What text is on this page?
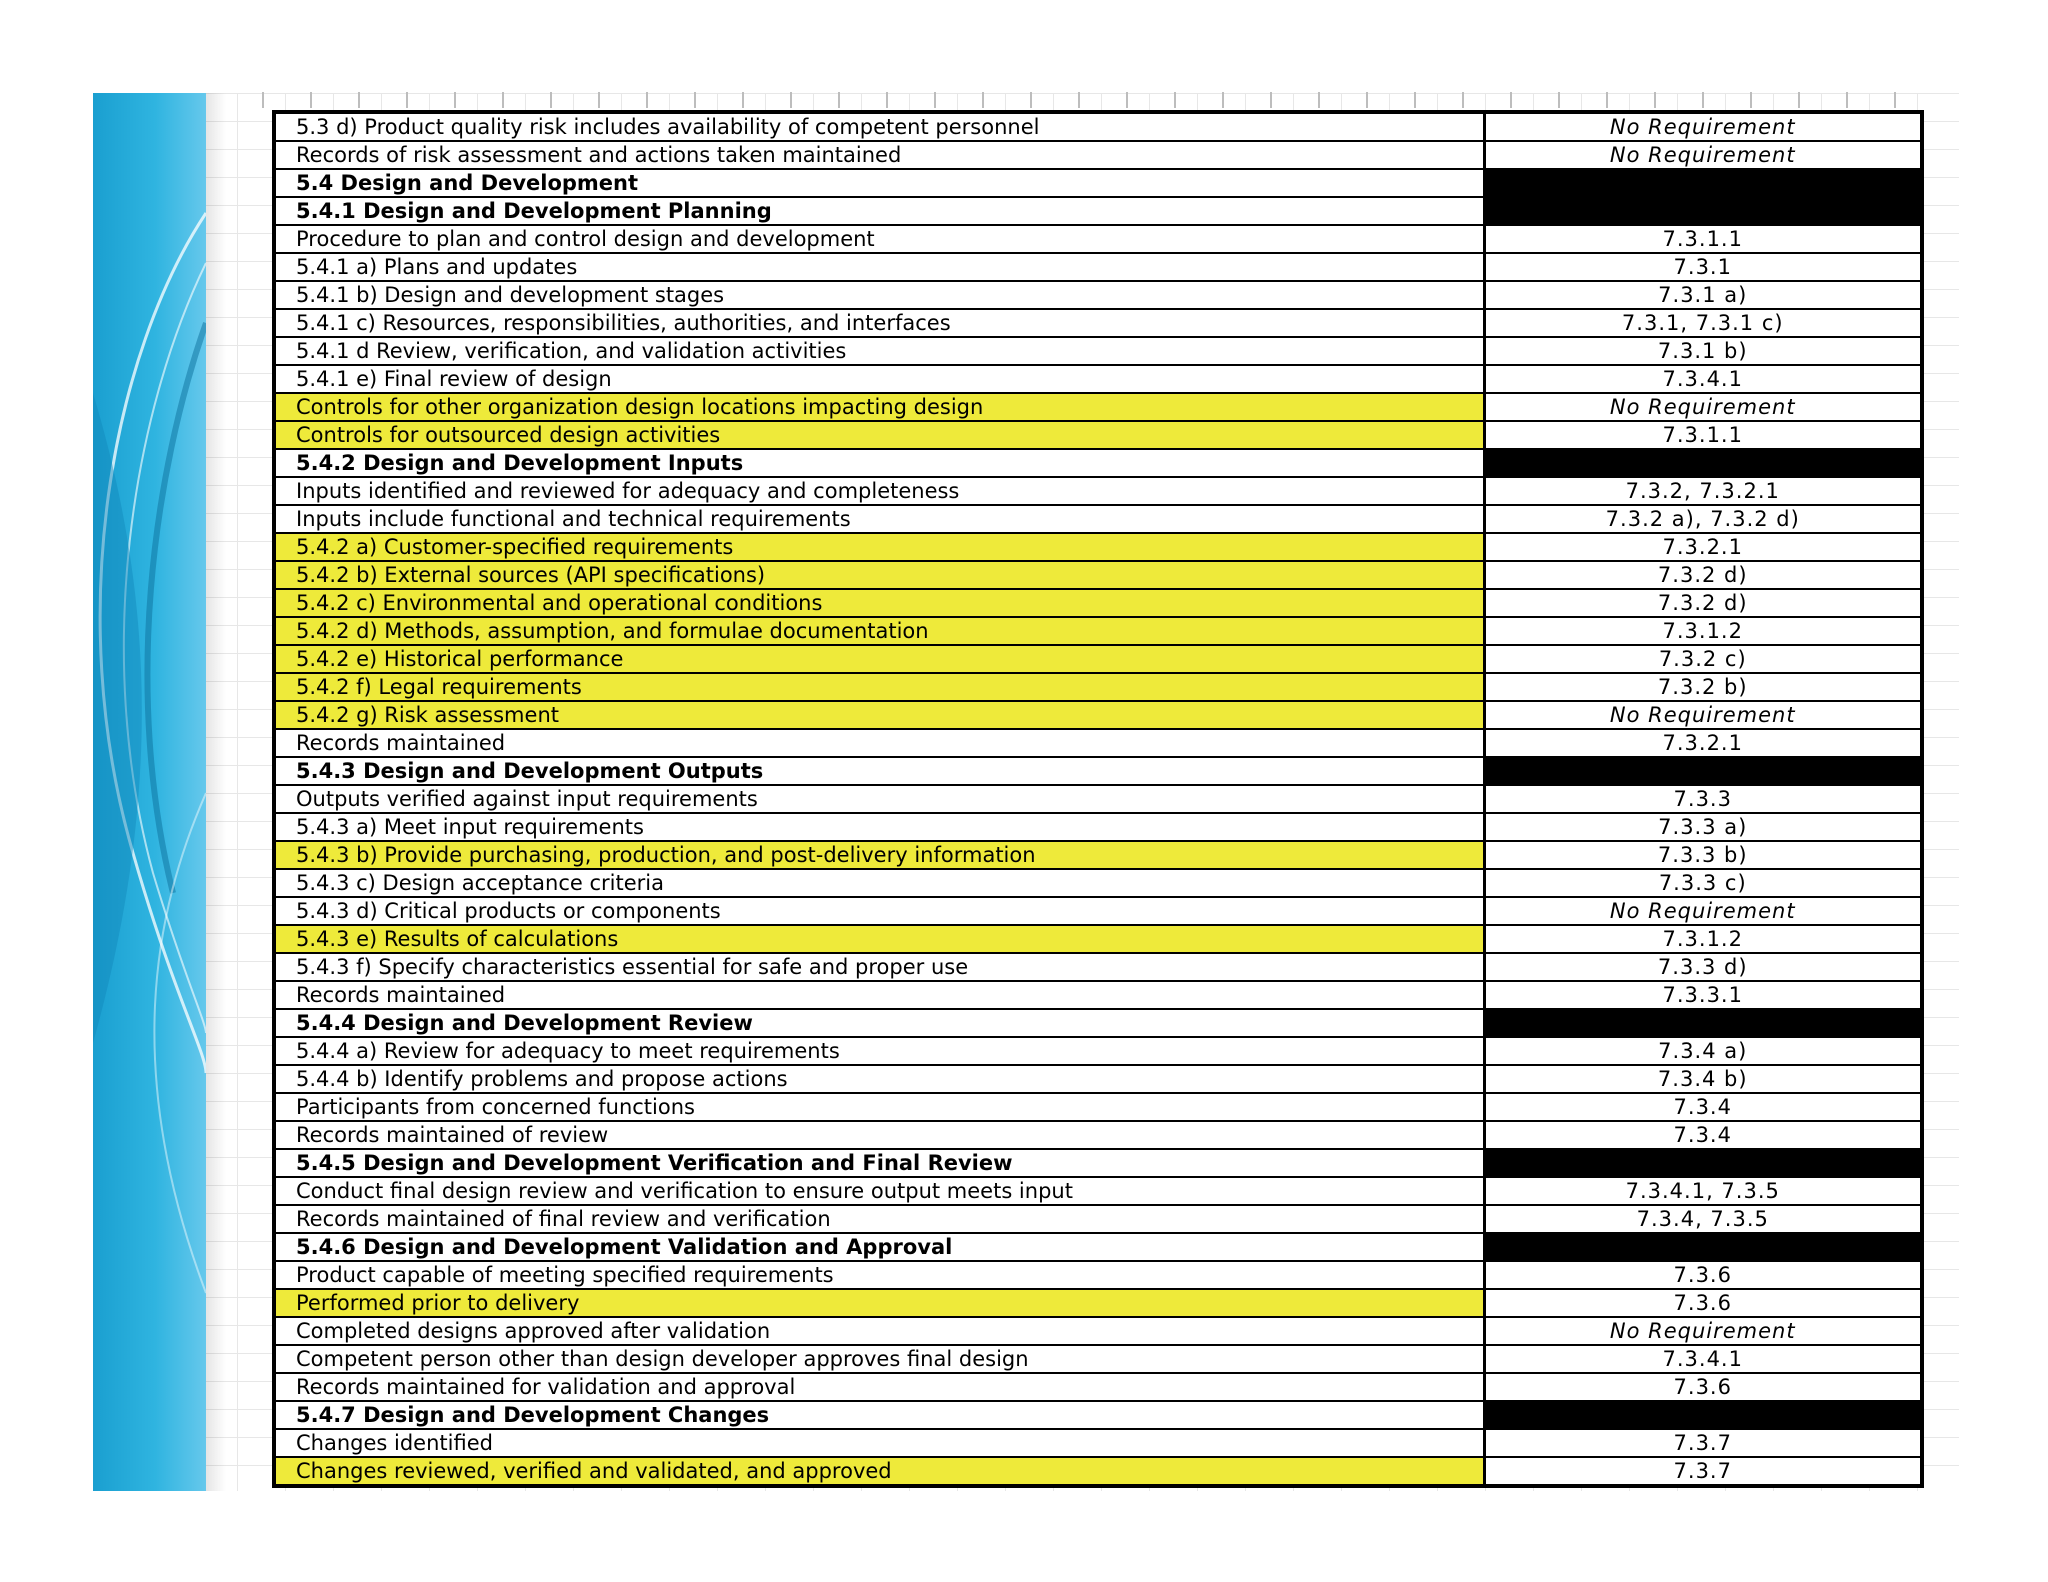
5.3 d) Product quality risk includes availability of competent personnel	No Requirement
Records of risk assessment and actions taken maintained	No Requirement
5.4 Design and Development	
5.4.1 Design and Development Planning	
Procedure to plan and control design and development	7.3.1.1
5.4.1 a) Plans and updates	7.3.1
5.4.1 b) Design and development stages	7.3.1 a)
5.4.1 c) Resources, responsibilities, authorities, and interfaces	7.3.1, 7.3.1 c)
5.4.1 d Review, verification, and validation activities	7.3.1 b)
5.4.1 e) Final review of design	7.3.4.1
Controls for other organization design locations impacting design	No Requirement
Controls for outsourced design activities	7.3.1.1
5.4.2 Design and Development Inputs	
Inputs identified and reviewed for adequacy and completeness	7.3.2, 7.3.2.1
Inputs include functional and technical requirements	7.3.2 a), 7.3.2 d)
5.4.2 a) Customer-specified requirements	7.3.2.1
5.4.2 b) External sources (API specifications)	7.3.2 d)
5.4.2 c) Environmental and operational conditions	7.3.2 d)
5.4.2 d) Methods, assumption, and formulae documentation	7.3.1.2
5.4.2 e) Historical performance	7.3.2 c)
5.4.2 f) Legal requirements	7.3.2 b)
5.4.2 g) Risk assessment	No Requirement
Records maintained	7.3.2.1
5.4.3 Design and Development Outputs	
Outputs verified against input requirements	7.3.3
5.4.3 a) Meet input requirements	7.3.3 a)
5.4.3 b) Provide purchasing, production, and post-delivery information	7.3.3 b)
5.4.3 c) Design acceptance criteria	7.3.3 c)
5.4.3 d) Critical products or components	No Requirement
5.4.3 e) Results of calculations	7.3.1.2
5.4.3 f) Specify characteristics essential for safe and proper use	7.3.3 d)
Records maintained	7.3.3.1
5.4.4 Design and Development Review	
5.4.4 a) Review for adequacy to meet requirements	7.3.4 a)
5.4.4 b) Identify problems and propose actions	7.3.4 b)
Participants from concerned functions	7.3.4
Records maintained of review	7.3.4
5.4.5 Design and Development Verification and Final Review	
Conduct final design review and verification to ensure output meets input	7.3.4.1, 7.3.5
Records maintained of final review and verification	7.3.4, 7.3.5
5.4.6 Design and Development Validation and Approval	
Product capable of meeting specified requirements	7.3.6
Performed prior to delivery	7.3.6
Completed designs approved after validation	No Requirement
Competent person other than design developer approves final design	7.3.4.1
Records maintained for validation and approval	7.3.6
5.4.7 Design and Development Changes	
Changes identified	7.3.7
Changes reviewed, verified and validated, and approved	7.3.7
